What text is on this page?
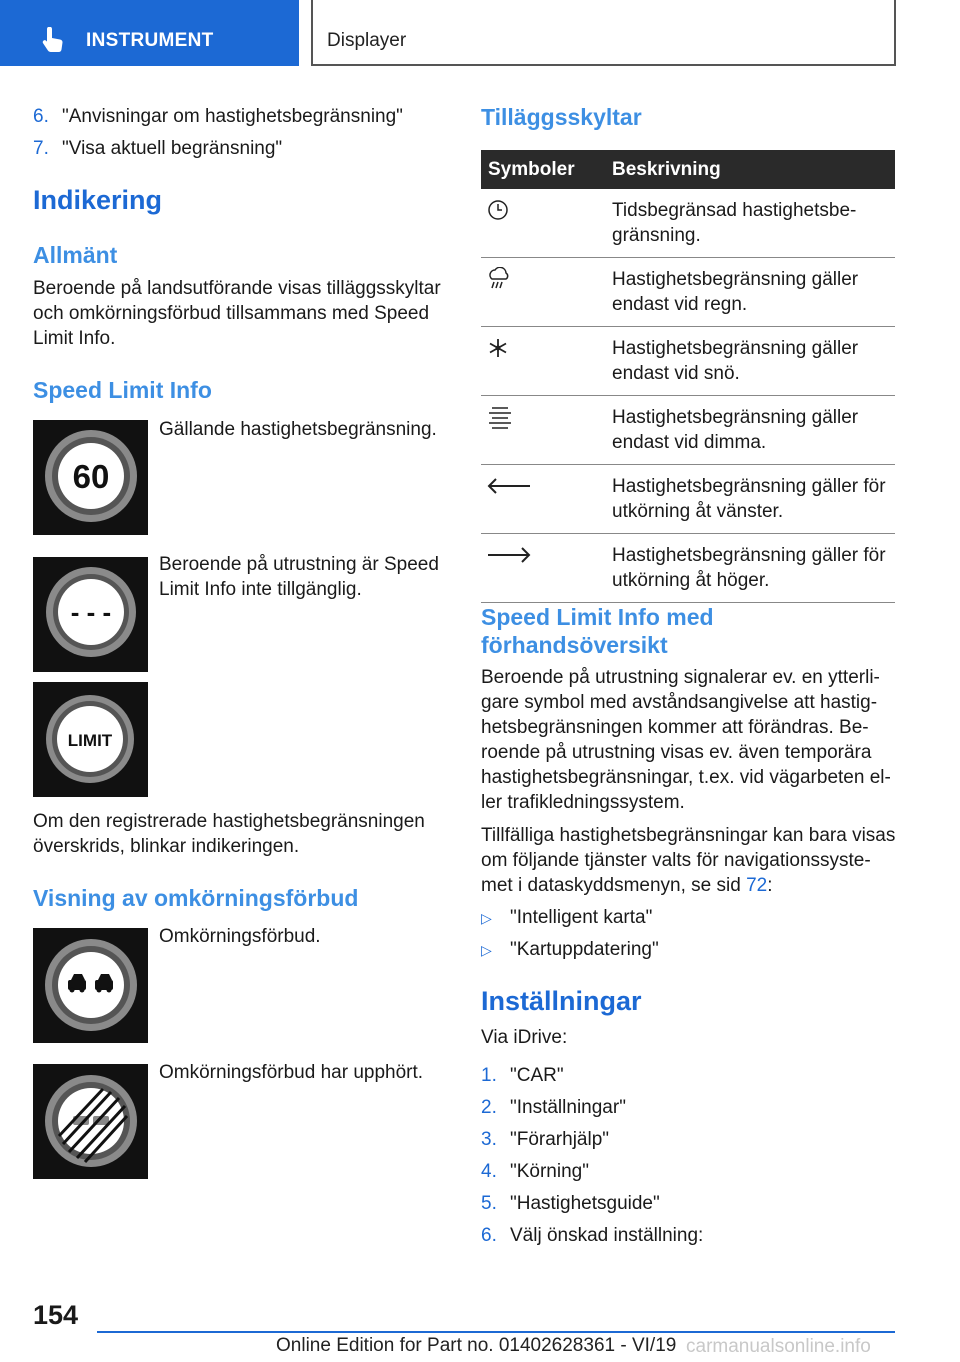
INSTRUMENT	Displayer
6. "Anvisningar om hastighetsbegränsning"
7. "Visa aktuell begränsning"
Indikering
Allmänt
Beroende på landsutförande visas tilläggsskyltar
och omkörningsförbud tillsammans med Speed
Limit Info.
Speed Limit Info
60
Gällande hastighetsbegränsning.
- - -
Beroende på utrustning är Speed
Limit Info inte tillgänglig.
LIMIT
Om den registrerade hastighetsbegränsningen
överskrids, blinkar indikeringen.
Visning av omkörningsförbud
Omkörningsförbud.
Omkörningsförbud har upphört.
Tilläggsskyltar
Symboler	Beskrivning

Tidsbegränsad hastighetsbe-
gränsning.

Hastighetsbegränsning gäller
endast vid regn.

Hastighetsbegränsning gäller
endast vid snö.

Hastighetsbegränsning gäller
endast vid dimma.

Hastighetsbegränsning gäller för
utkörning åt vänster.

Hastighetsbegränsning gäller för
utkörning åt höger.
Speed Limit Info med
förhandsöversikt
Beroende på utrustning signalerar ev. en ytterli-
gare symbol med avståndsangivelse att hastig-
hetsbegränsningen kommer att förändras. Be-
roende på utrustning visas ev. även temporära
hastighetsbegränsningar, t.ex. vid vägarbeten el-
ler trafikledningssystem.
Tillfälliga hastighetsbegränsningar kan bara visas
om följande tjänster valts för navigationssyste-
met i dataskyddsmenyn, se sid 72:
▷ "Intelligent karta"
▷ "Kartuppdatering"
Inställningar
Via iDrive:
1. "CAR"
2. "Inställningar"
3. "Förarhjälp"
4. "Körning"
5. "Hastighetsguide"
6. Välj önskad inställning:
154
Online Edition for Part no. 01402628361 - VI/19 carmanualsonline.info
